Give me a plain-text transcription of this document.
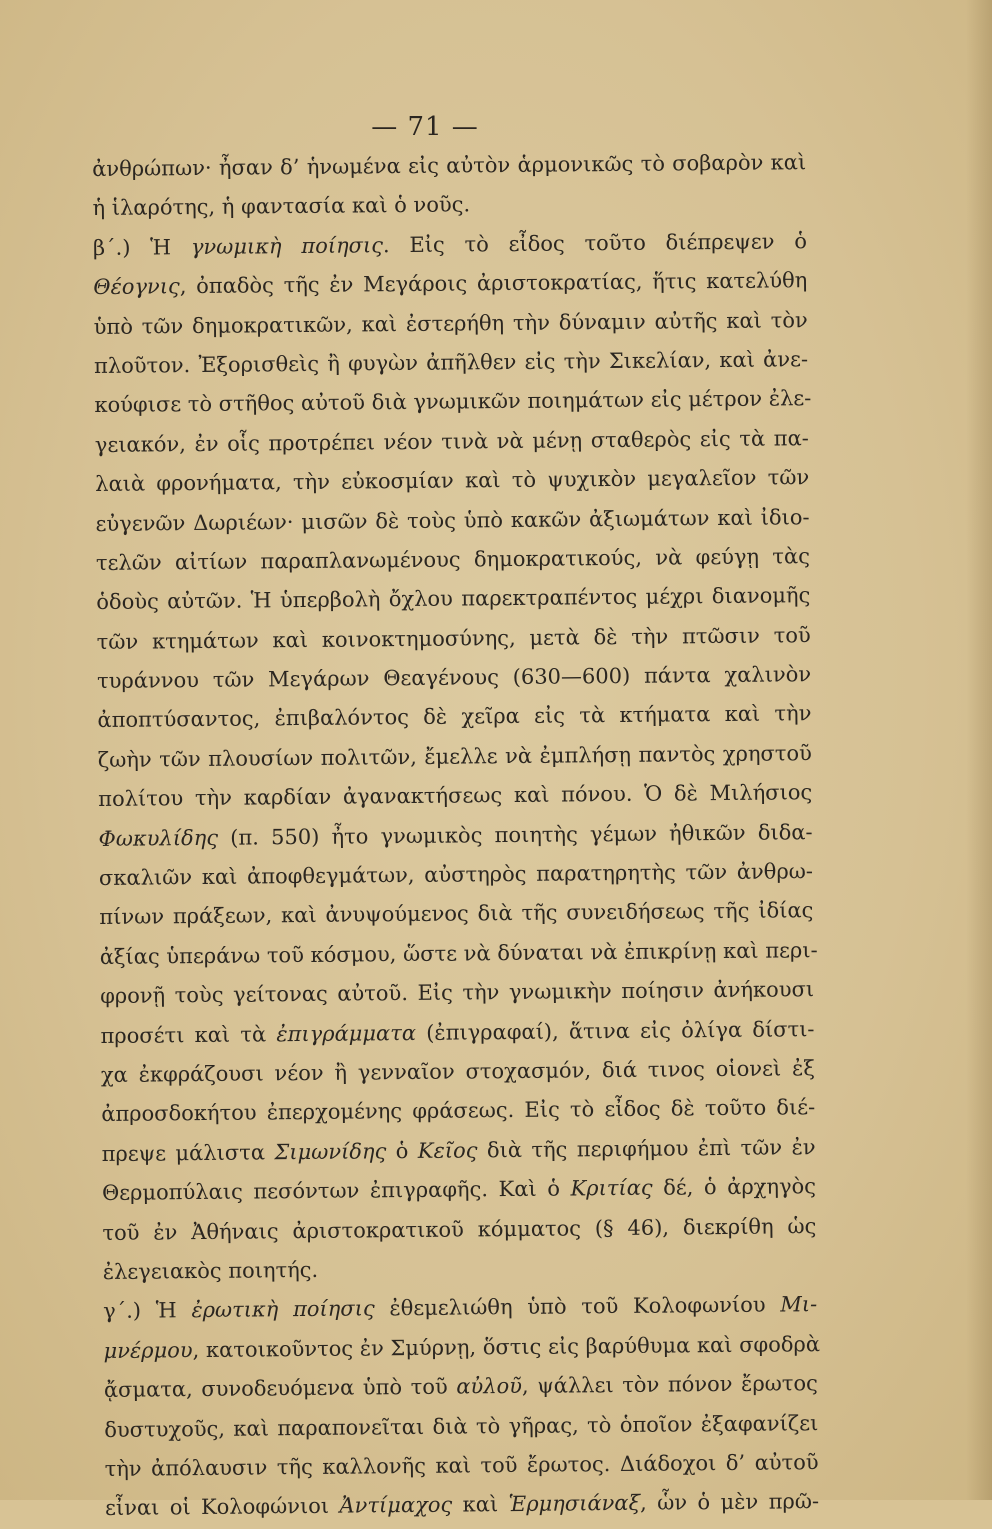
— 71 —
ἀνθρώπων· ἦσαν δ’ ἡνωμένα εἰς αὐτὸν ἁρμονικῶς τὸ σοβαρὸν καὶ
ἡ ἱλαρότης, ἡ φαντασία καὶ ὁ νοῦς.
β΄.) Ἡ γνωμικὴ ποίησις. Εἰς τὸ εἶδος τοῦτο διέπρεψεν ὁ
Θέογνις, ὀπαδὸς τῆς ἐν Μεγάροις ἀριστοκρατίας, ἥτις κατελύθη
ὑπὸ τῶν δημοκρατικῶν, καὶ ἐστερήθη τὴν δύναμιν αὐτῆς καὶ τὸν
πλοῦτον. Ἐξορισθεὶς ἢ φυγὼν ἀπῆλθεν εἰς τὴν Σικελίαν, καὶ ἀνε-
κούφισε τὸ στῆθος αὐτοῦ διὰ γνωμικῶν ποιημάτων εἰς μέτρον ἐλε-
γειακόν, ἐν οἷς προτρέπει νέον τινὰ νὰ μένῃ σταθερὸς εἰς τὰ πα-
λαιὰ φρονήματα, τὴν εὐκοσμίαν καὶ τὸ ψυχικὸν μεγαλεῖον τῶν
εὐγενῶν Δωριέων· μισῶν δὲ τοὺς ὑπὸ κακῶν ἀξιωμάτων καὶ ἰδιο-
τελῶν αἰτίων παραπλανωμένους δημοκρατικούς, νὰ φεύγῃ τὰς
ὁδοὺς αὐτῶν. Ἡ ὑπερβολὴ ὄχλου παρεκτραπέντος μέχρι διανομῆς
τῶν κτημάτων καὶ κοινοκτημοσύνης, μετὰ δὲ τὴν πτῶσιν τοῦ
τυράννου τῶν Μεγάρων Θεαγένους (630—600) πάντα χαλινὸν
ἀποπτύσαντος, ἐπιβαλόντος δὲ χεῖρα εἰς τὰ κτήματα καὶ τὴν
ζωὴν τῶν πλουσίων πολιτῶν, ἔμελλε νὰ ἐμπλήσῃ παντὸς χρηστοῦ
πολίτου τὴν καρδίαν ἀγανακτήσεως καὶ πόνου. Ὁ δὲ Μιλήσιος
Φωκυλίδης (π. 550) ἦτο γνωμικὸς ποιητὴς γέμων ἠθικῶν διδα-
σκαλιῶν καὶ ἀποφθεγμάτων, αὐστηρὸς παρατηρητὴς τῶν ἀνθρω-
πίνων πράξεων, καὶ ἀνυψούμενος διὰ τῆς συνειδήσεως τῆς ἰδίας
ἀξίας ὑπεράνω τοῦ κόσμου, ὥστε νὰ δύναται νὰ ἐπικρίνῃ καὶ περι-
φρονῇ τοὺς γείτονας αὐτοῦ. Εἰς τὴν γνωμικὴν ποίησιν ἀνήκουσι
προσέτι καὶ τὰ ἐπιγράμματα (ἐπιγραφαί), ἅτινα εἰς ὀλίγα δίστι-
χα ἐκφράζουσι νέον ἢ γενναῖον στοχασμόν, διά τινος οἱονεὶ ἐξ
ἀπροσδοκήτου ἐπερχομένης φράσεως. Εἰς τὸ εἶδος δὲ τοῦτο διέ-
πρεψε μάλιστα Σιμωνίδης ὁ Κεῖος διὰ τῆς περιφήμου ἐπὶ τῶν ἐν
Θερμοπύλαις πεσόντων ἐπιγραφῆς. Καὶ ὁ Κριτίας δέ, ὁ ἀρχηγὸς
τοῦ ἐν Ἀθήναις ἀριστοκρατικοῦ κόμματος (§ 46), διεκρίθη ὡς
ἐλεγειακὸς ποιητής.
γ΄.) Ἡ ἐρωτικὴ ποίησις ἐθεμελιώθη ὑπὸ τοῦ Κολοφωνίου Μι-
μνέρμου, κατοικοῦντος ἐν Σμύρνῃ, ὅστις εἰς βαρύθυμα καὶ σφοδρὰ
ᾄσματα, συνοδευόμενα ὑπὸ τοῦ αὐλοῦ, ψάλλει τὸν πόνον ἔρωτος
δυστυχοῦς, καὶ παραπονεῖται διὰ τὸ γῆρας, τὸ ὁποῖον ἐξαφανίζει
τὴν ἀπόλαυσιν τῆς καλλονῆς καὶ τοῦ ἔρωτος. Διάδοχοι δ’ αὐτοῦ
εἶναι οἱ Κολοφώνιοι Ἀντίμαχος καὶ Ἑρμησιάναξ, ὧν ὁ μὲν πρῶ-
